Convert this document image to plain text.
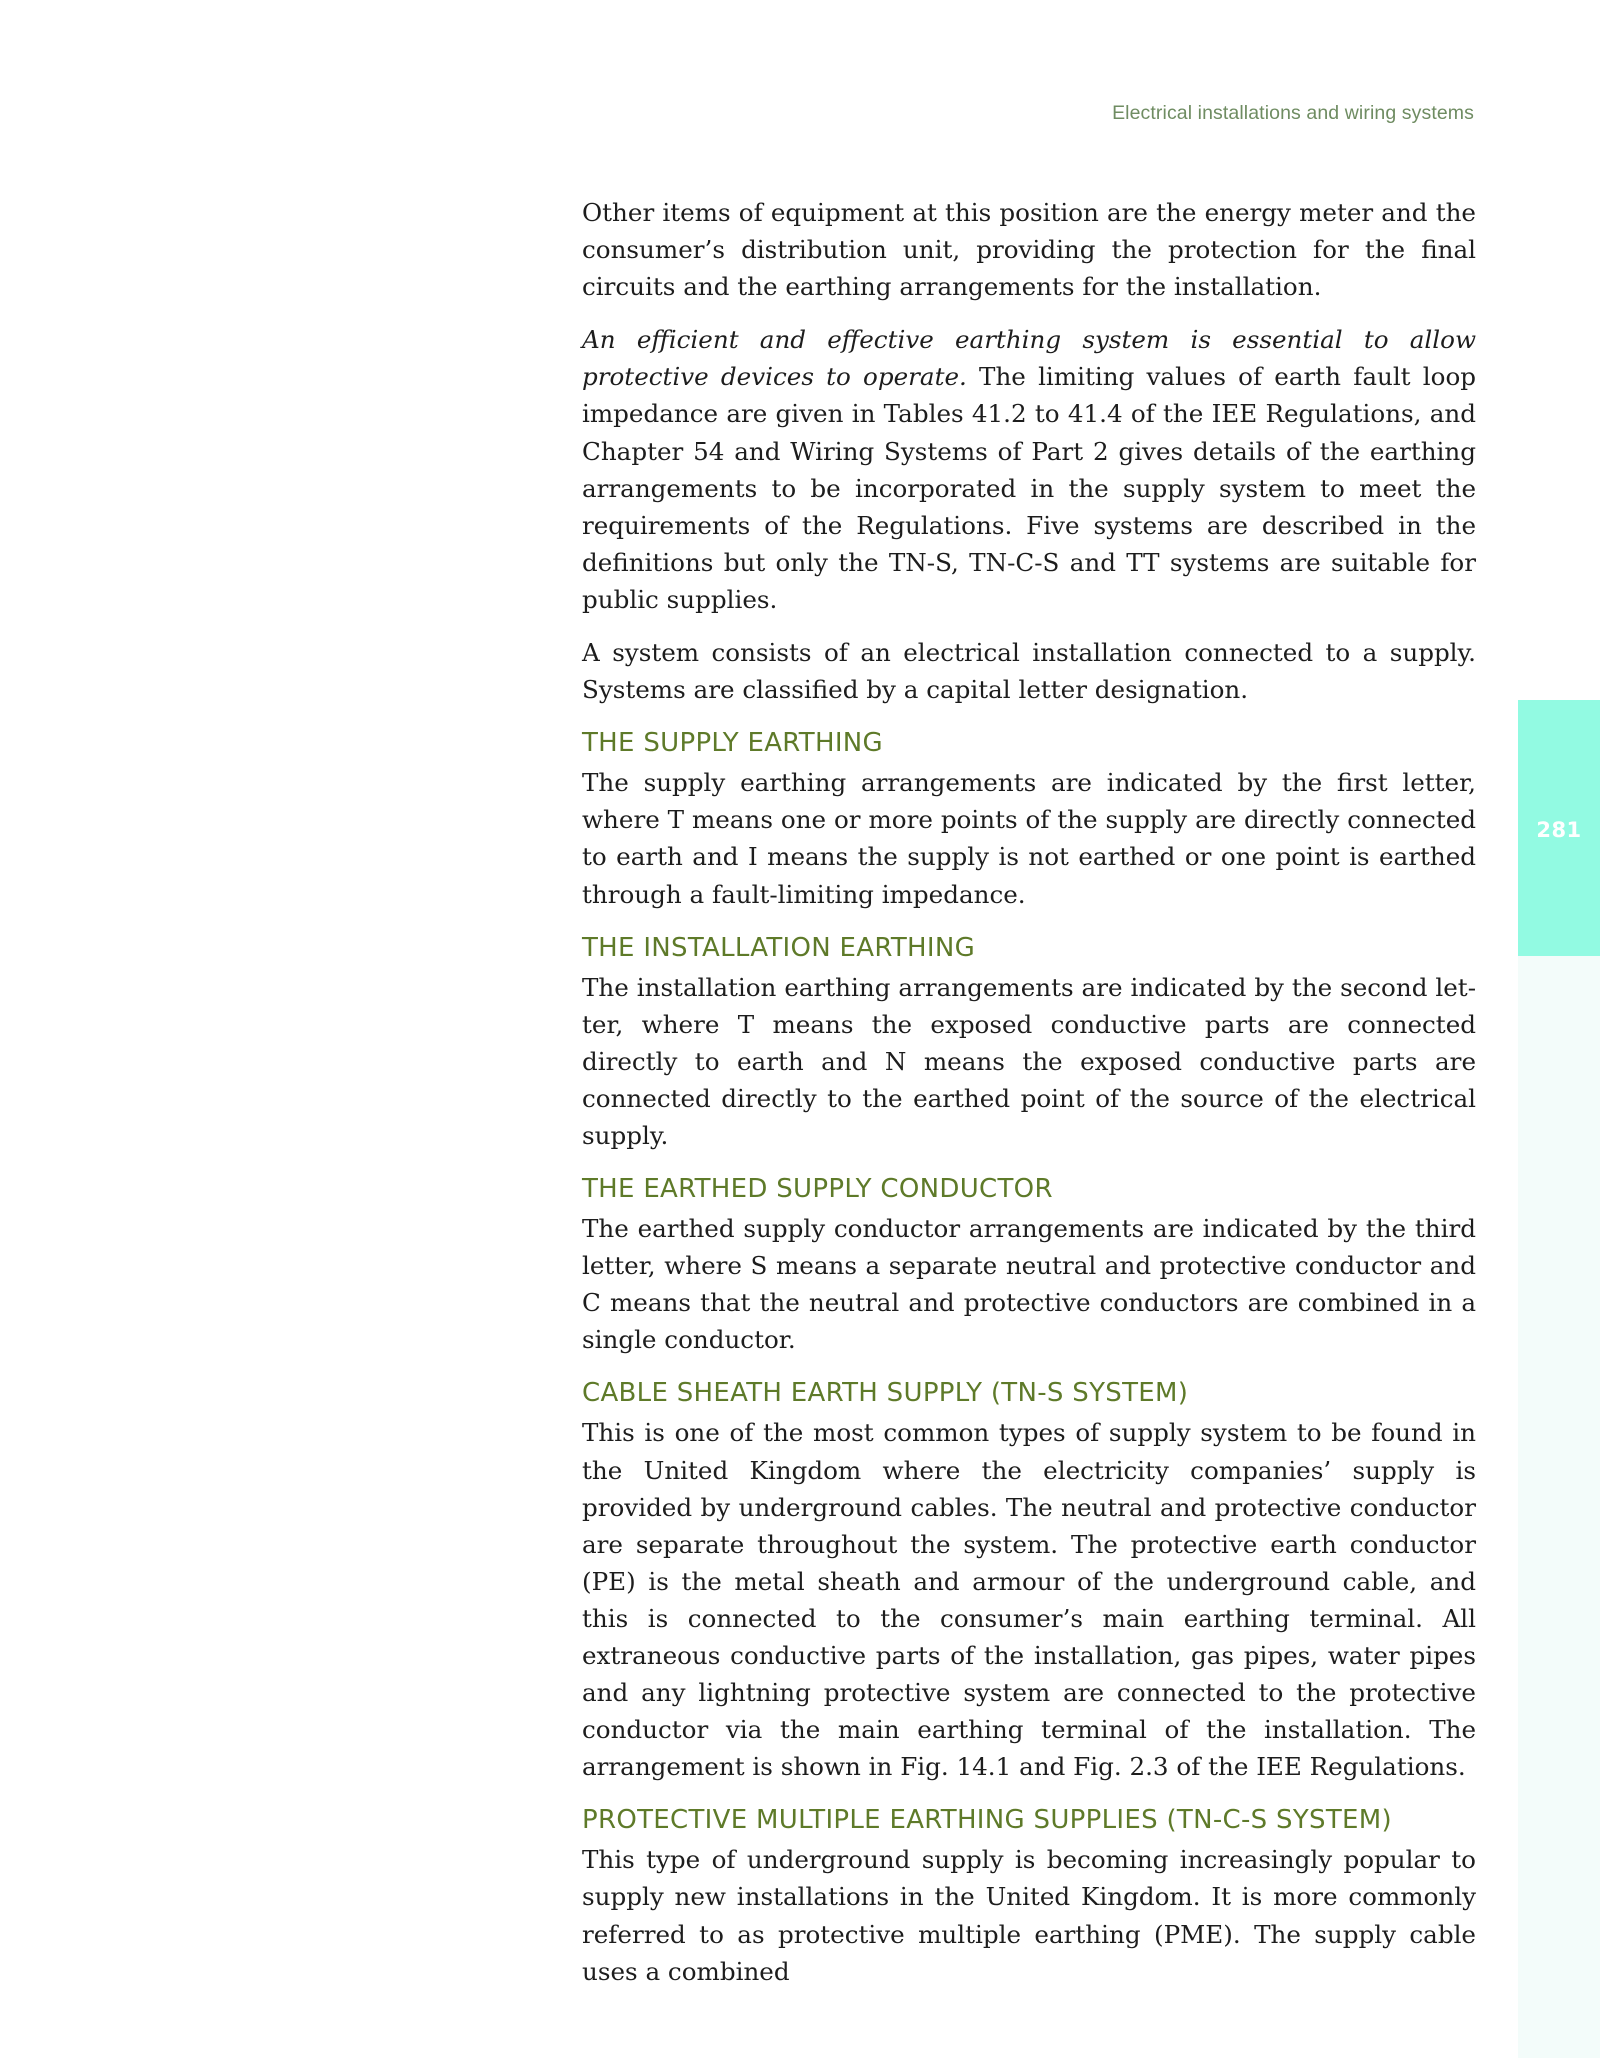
Electrical installations and wiring systems

281

Other items of equipment at this position are the energy meter and the consumer’s distribution unit, providing the protection for the final circuits and the earthing arrangements for the installation.

An efficient and effective earthing system is essential to allow protective devices to operate. The limiting values of earth fault loop impedance are given in Tables 41.2 to 41.4 of the IEE Regulations, and Chapter 54 and Wiring Systems of Part 2 gives details of the earthing arrangements to be incorporated in the supply system to meet the requirements of the Regulations. Five systems are described in the definitions but only the TN-S, TN-C-S and TT systems are suitable for public supplies.

A system consists of an electrical installation connected to a supply. Systems are classified by a capital letter designation.

THE SUPPLY EARTHING

The supply earthing arrangements are indicated by the first letter, where T means one or more points of the supply are directly connected to earth and I means the supply is not earthed or one point is earthed through a fault-limiting impedance.

THE INSTALLATION EARTHING

The installation earthing arrangements are indicated by the second letter, where T means the exposed conductive parts are connected directly to earth and N means the exposed conductive parts are connected directly to the earthed point of the source of the electrical supply.

THE EARTHED SUPPLY CONDUCTOR

The earthed supply conductor arrangements are indicated by the third letter, where S means a separate neutral and protective conductor and C means that the neutral and protective conductors are combined in a single conductor.

CABLE SHEATH EARTH SUPPLY (TN-S SYSTEM)

This is one of the most common types of supply system to be found in the United Kingdom where the electricity companies’ supply is provided by underground cables. The neutral and protective conductor are separate throughout the system. The protective earth conductor (PE) is the metal sheath and armour of the underground cable, and this is connected to the consumer’s main earthing terminal. All extraneous conductive parts of the installation, gas pipes, water pipes and any lightning protective system are connected to the protective conductor via the main earthing terminal of the installation. The arrangement is shown in Fig. 14.1 and Fig. 2.3 of the IEE Regulations.

PROTECTIVE MULTIPLE EARTHING SUPPLIES (TN-C-S SYSTEM)

This type of underground supply is becoming increasingly popular to supply new installations in the United Kingdom. It is more commonly referred to as protective multiple earthing (PME). The supply cable uses a combined
